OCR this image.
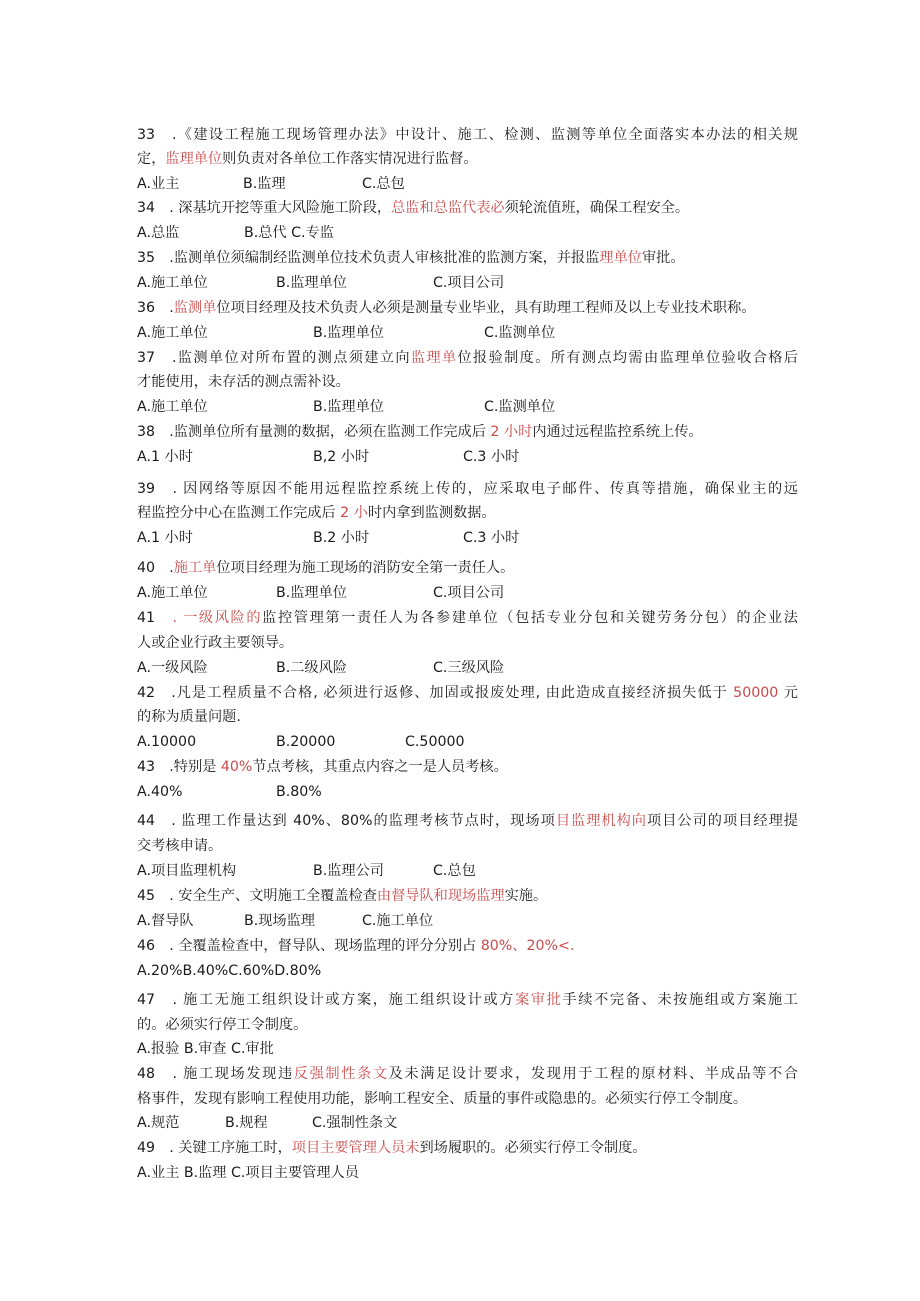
33　.《建设工程施工现场管理办法》中设计、施工、检测、监测等单位全面落实本办法的相关规
定，监理单位则负责对各单位工作落实情况进行监督。
A.业主	B.监理	C.总包
34　. 深基坑开挖等重大风险施工阶段，总监和总监代表必须轮流值班，确保工程安全。
A.总监	B.总代 C.专监
35　.监测单位须编制经监测单位技术负责人审核批准的监测方案，并报监理单位审批。
A.施工单位	B.监理单位	C.项目公司
36　.监测单位项目经理及技术负责人必须是测量专业毕业，具有助理工程师及以上专业技术职称。
A.施工单位	B.监理单位	C.监测单位
37　.监测单位对所布置的测点须建立向监理单位报验制度。所有测点均需由监理单位验收合格后
才能使用，未存活的测点需补设。
A.施工单位	B.监理单位	C.监测单位
38　.监测单位所有量测的数据，必须在监测工作完成后 2 小时内通过远程监控系统上传。
A.1 小时	B,2 小时	C.3 小时
39　. 因网络等原因不能用远程监控系统上传的，应采取电子邮件、传真等措施，确保业主的远
程监控分中心在监测工作完成后 2 小时内拿到监测数据。
A.1 小时	B.2 小时	C.3 小时
40　.施工单位项目经理为施工现场的消防安全第一责任人。
A.施工单位	B.监理单位	C.项目公司
41　. 一级风险的监控管理第一责任人为各参建单位（包括专业分包和关键劳务分包）的企业法
人或企业行政主要领导。
A.一级风险	B.二级风险	C.三级风险
42　.凡是工程质量不合格, 必须进行返修、加固或报废处理, 由此造成直接经济损失低于 50000 元
的称为质量问题.
A.10000	B.20000	C.50000
43　.特别是 40%节点考核，其重点内容之一是人员考核。
A.40%	B.80%
44　. 监理工作量达到 40%、80%的监理考核节点时，现场项目监理机构向项目公司的项目经理提
交考核申请。
A.项目监理机构	B.监理公司	C.总包
45　. 安全生产、文明施工全覆盖检查由督导队和现场监理实施。
A.督导队	B.现场监理	C.施工单位
46　. 全覆盖检查中，督导队、现场监理的评分分别占 80%、20%<.
A.20%B.40%C.60%D.80%
47　. 施工无施工组织设计或方案，施工组织设计或方案审批手续不完备、未按施组或方案施工
的。必须实行停工令制度。
A.报验 B.审查 C.审批
48　. 施工现场发现违反强制性条文及未满足设计要求，发现用于工程的原材料、半成品等不合
格事件，发现有影响工程使用功能，影响工程安全、质量的事件或隐患的。必须实行停工令制度。
A.规范	B.规程	C.强制性条文
49　. 关键工序施工时，项目主要管理人员未到场履职的。必须实行停工令制度。
A.业主 B.监理 C.项目主要管理人员
